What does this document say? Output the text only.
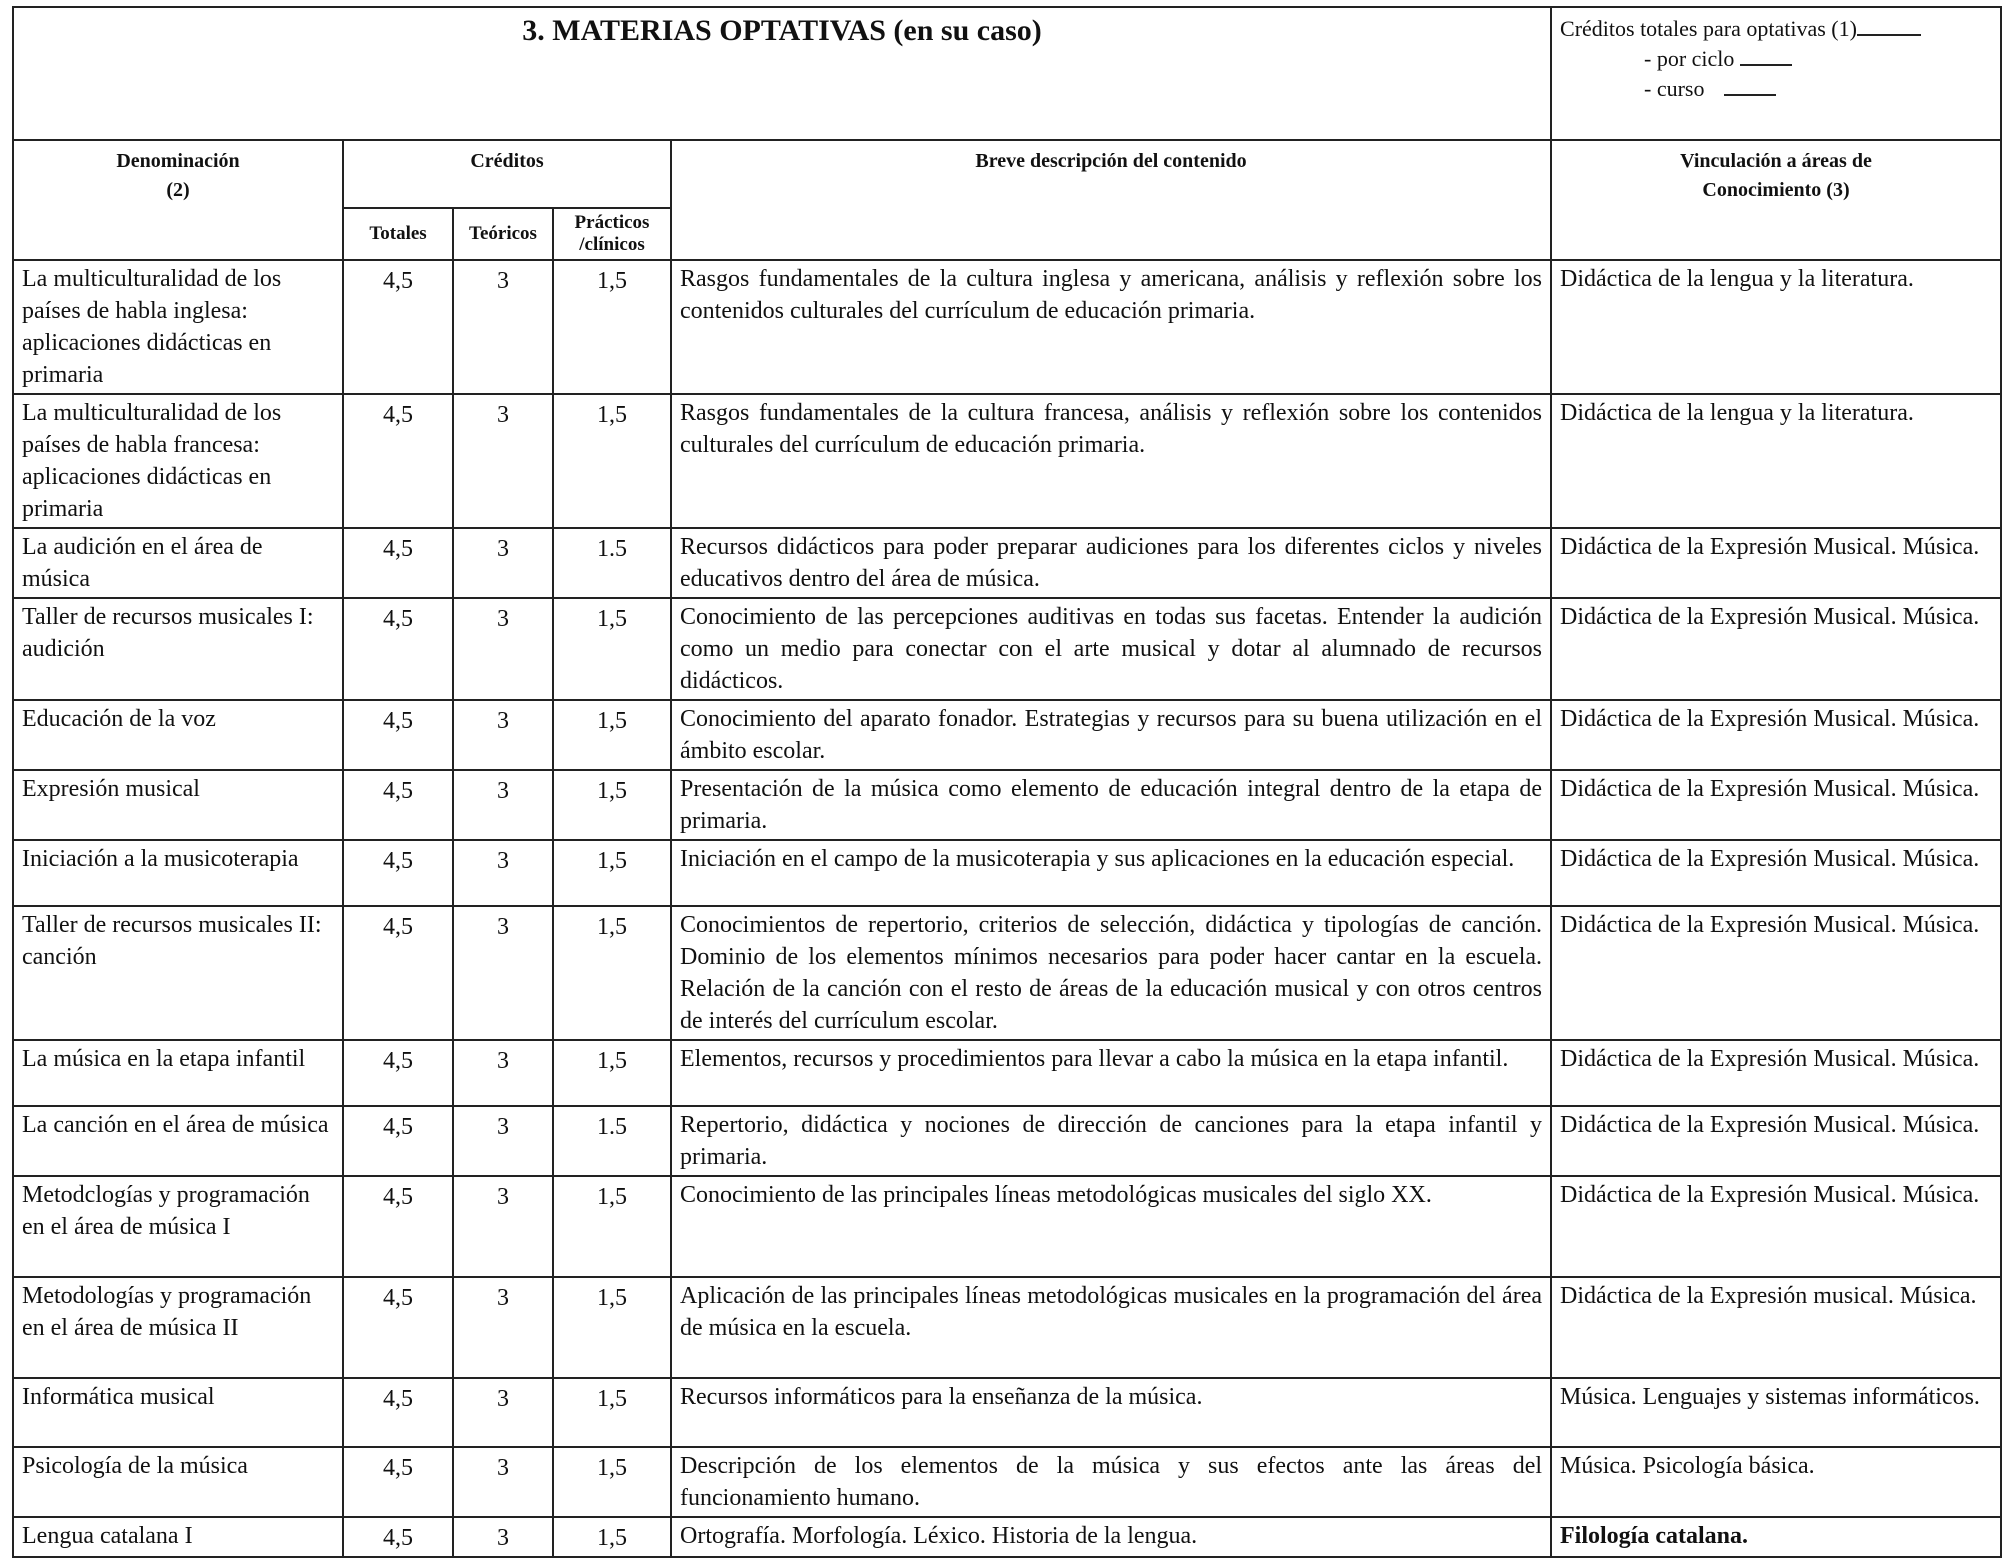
3. MATERIAS OPTATIVAS (en su caso)					Créditos totales para optativas (1)
- por ciclo
- curso

Denominación
(2)	Créditos			Breve descripción del contenido	Vinculación a áreas de
Conocimiento (3)
	Totales	Teóricos	Prácticos
/clínicos		
La multiculturalidad de los países de habla inglesa: aplicaciones didácticas en primaria	4,5	3	1,5	Rasgos fundamentales de la cultura inglesa y americana, análisis y reflexión sobre los contenidos culturales del currículum de educación primaria.	Didáctica de la lengua y la literatura.
La multiculturalidad de los países de habla francesa: aplicaciones didácticas en primaria	4,5	3	1,5	Rasgos fundamentales de la cultura francesa, análisis y reflexión sobre los contenidos culturales del currículum de educación primaria.	Didáctica de la lengua y la literatura.
La audición en el área de música	4,5	3	1.5	Recursos didácticos para poder preparar audiciones para los diferentes ciclos y niveles educativos dentro del área de música.	Didáctica de la Expresión Musical. Música.
Taller de recursos musicales I: audición	4,5	3	1,5	Conocimiento de las percepciones auditivas en todas sus facetas. Entender la audición como un medio para conectar con el arte musical y dotar al alumnado de recursos didácticos.	Didáctica de la Expresión Musical. Música.
Educación de la voz	4,5	3	1,5	Conocimiento del aparato fonador. Estrategias y recursos para su buena utilización en el ámbito escolar.	Didáctica de la Expresión Musical. Música.
Expresión musical	4,5	3	1,5	Presentación de la música como elemento de educación integral dentro de la etapa de primaria.	Didáctica de la Expresión Musical. Música.
Iniciación a la musicoterapia	4,5	3	1,5	Iniciación en el campo de la musicoterapia y sus aplicaciones en la educación especial.	Didáctica de la Expresión Musical. Música.
Taller de recursos musicales II: canción	4,5	3	1,5	Conocimientos de repertorio, criterios de selección, didáctica y tipologías de canción. Dominio de los elementos mínimos necesarios para poder hacer cantar en la escuela. Relación de la canción con el resto de áreas de la educación musical y con otros centros de interés del currículum escolar.	Didáctica de la Expresión Musical. Música.
La música en la etapa infantil	4,5	3	1,5	Elementos, recursos y procedimientos para llevar a cabo la música en la etapa infantil.	Didáctica de la Expresión Musical. Música.
La canción en el área de música	4,5	3	1.5	Repertorio, didáctica y nociones de dirección de canciones para la etapa infantil y primaria.	Didáctica de la Expresión Musical. Música.
Metodclogías y programación en el área de música I	4,5	3	1,5	Conocimiento de las principales líneas metodológicas musicales del siglo XX.	Didáctica de la Expresión Musical. Música.
Metodologías y programación en el área de música II	4,5	3	1,5	Aplicación de las principales líneas metodológicas musicales en la programación del área de música en la escuela.	Didáctica de la Expresión musical. Música.
Informática musical	4,5	3	1,5	Recursos informáticos para la enseñanza de la música.	Música. Lenguajes y sistemas informáticos.
Psicología de la música	4,5	3	1,5	Descripción de los elementos de la música y sus efectos ante las áreas del funcionamiento humano.	Música. Psicología básica.
Lengua catalana I	4,5	3	1,5	Ortografía. Morfología. Léxico. Historia de la lengua.	Filología catalana.
